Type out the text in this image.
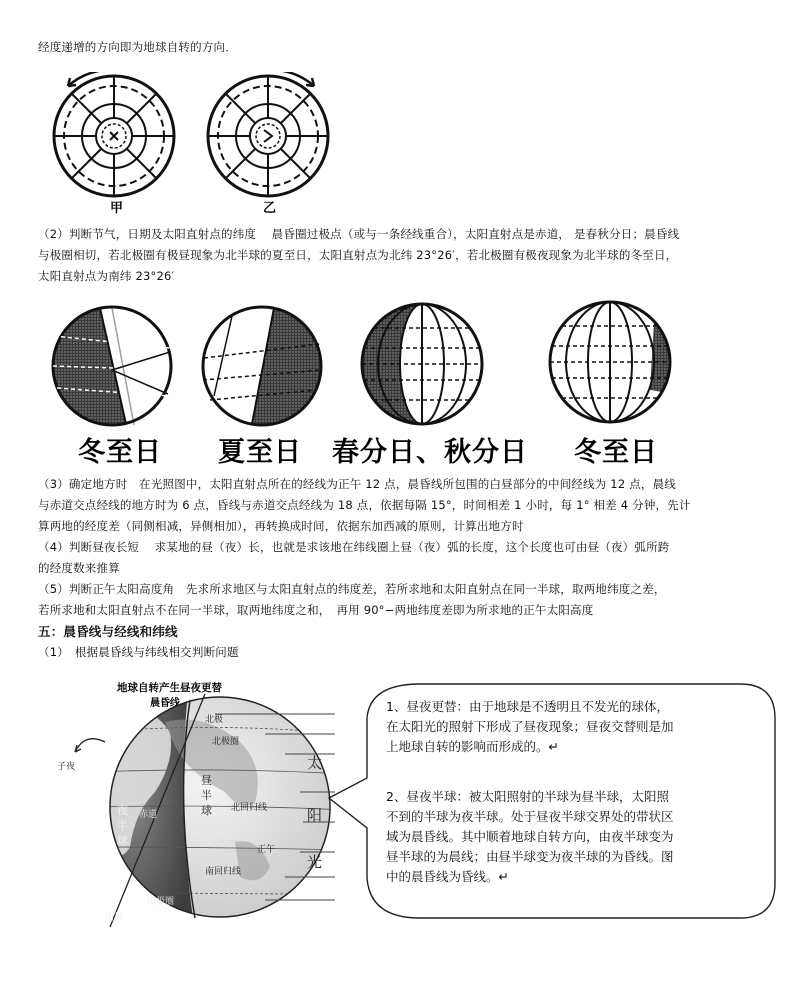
经度递增的方向即为地球自转的方向．
甲	乙
（2）判断节气，日期及太阳直射点的纬度　 晨昏圈过极点（或与一条经线重合），太阳直射点是赤道， 是春秋分日；晨昏线
与极圈相切，若北极圈有极昼现象为北半球的夏至日，太阳直射点为北纬 23°26′，若北极圈有极夜现象为北半球的冬至日，
太阳直射点为南纬 23°26′
冬至日 夏至日 春分日、秋分日 冬至日
（3）确定地方时　在光照图中，太阳直射点所在的经线为正午 12 点，晨昏线所包围的白昼部分的中间经线为 12 点，晨线
与赤道交点经线的地方时为 6 点，昏线与赤道交点经线为 18 点，依据每隔 15°，时间相差 1 小时，每 1° 相差 4 分钟，先计
算两地的经度差（同侧相减，异侧相加），再转换成时间，依据东加西减的原则，计算出地方时
（4）判断昼夜长短　 求某地的昼（夜）长，也就是求该地在纬线圈上昼（夜）弧的长度，这个长度也可由昼（夜）弧所跨
的经度数来推算
（5）判断正午太阳高度角　先求所求地区与太阳直射点的纬度差，若所求地和太阳直射点在同一半球，取两地纬度之差，
若所求地和太阳直射点不在同一半球，取两地纬度之和，　再用 90°−两地纬度差即为所求地的正午太阳高度
五：晨昏线与经线和纬线
（1）　根据晨昏线与纬线相交判断问题
地球自转产生昼夜更替
晨昏线
北极
北极圈
子夜
北回归线
正午
南回归线
南极圈
南极
赤道
昼 半 球
夜 半 球
太
阳
光
1、昼夜更替：由于地球是不透明且不发光的球体，在太阳光的照射下形成了昼夜现象；昼夜交替则是加上地球自转的影响而形成的。↵
2、昼夜半球：被太阳照射的半球为昼半球，太阳照不到的半球为夜半球。处于昼夜半球交界处的带状区域为晨昏线。其中顺着地球自转方向，由夜半球变为昼半球的为晨线；由昼半球变为夜半球的为昏线。图中的晨昏线为昏线。↵
